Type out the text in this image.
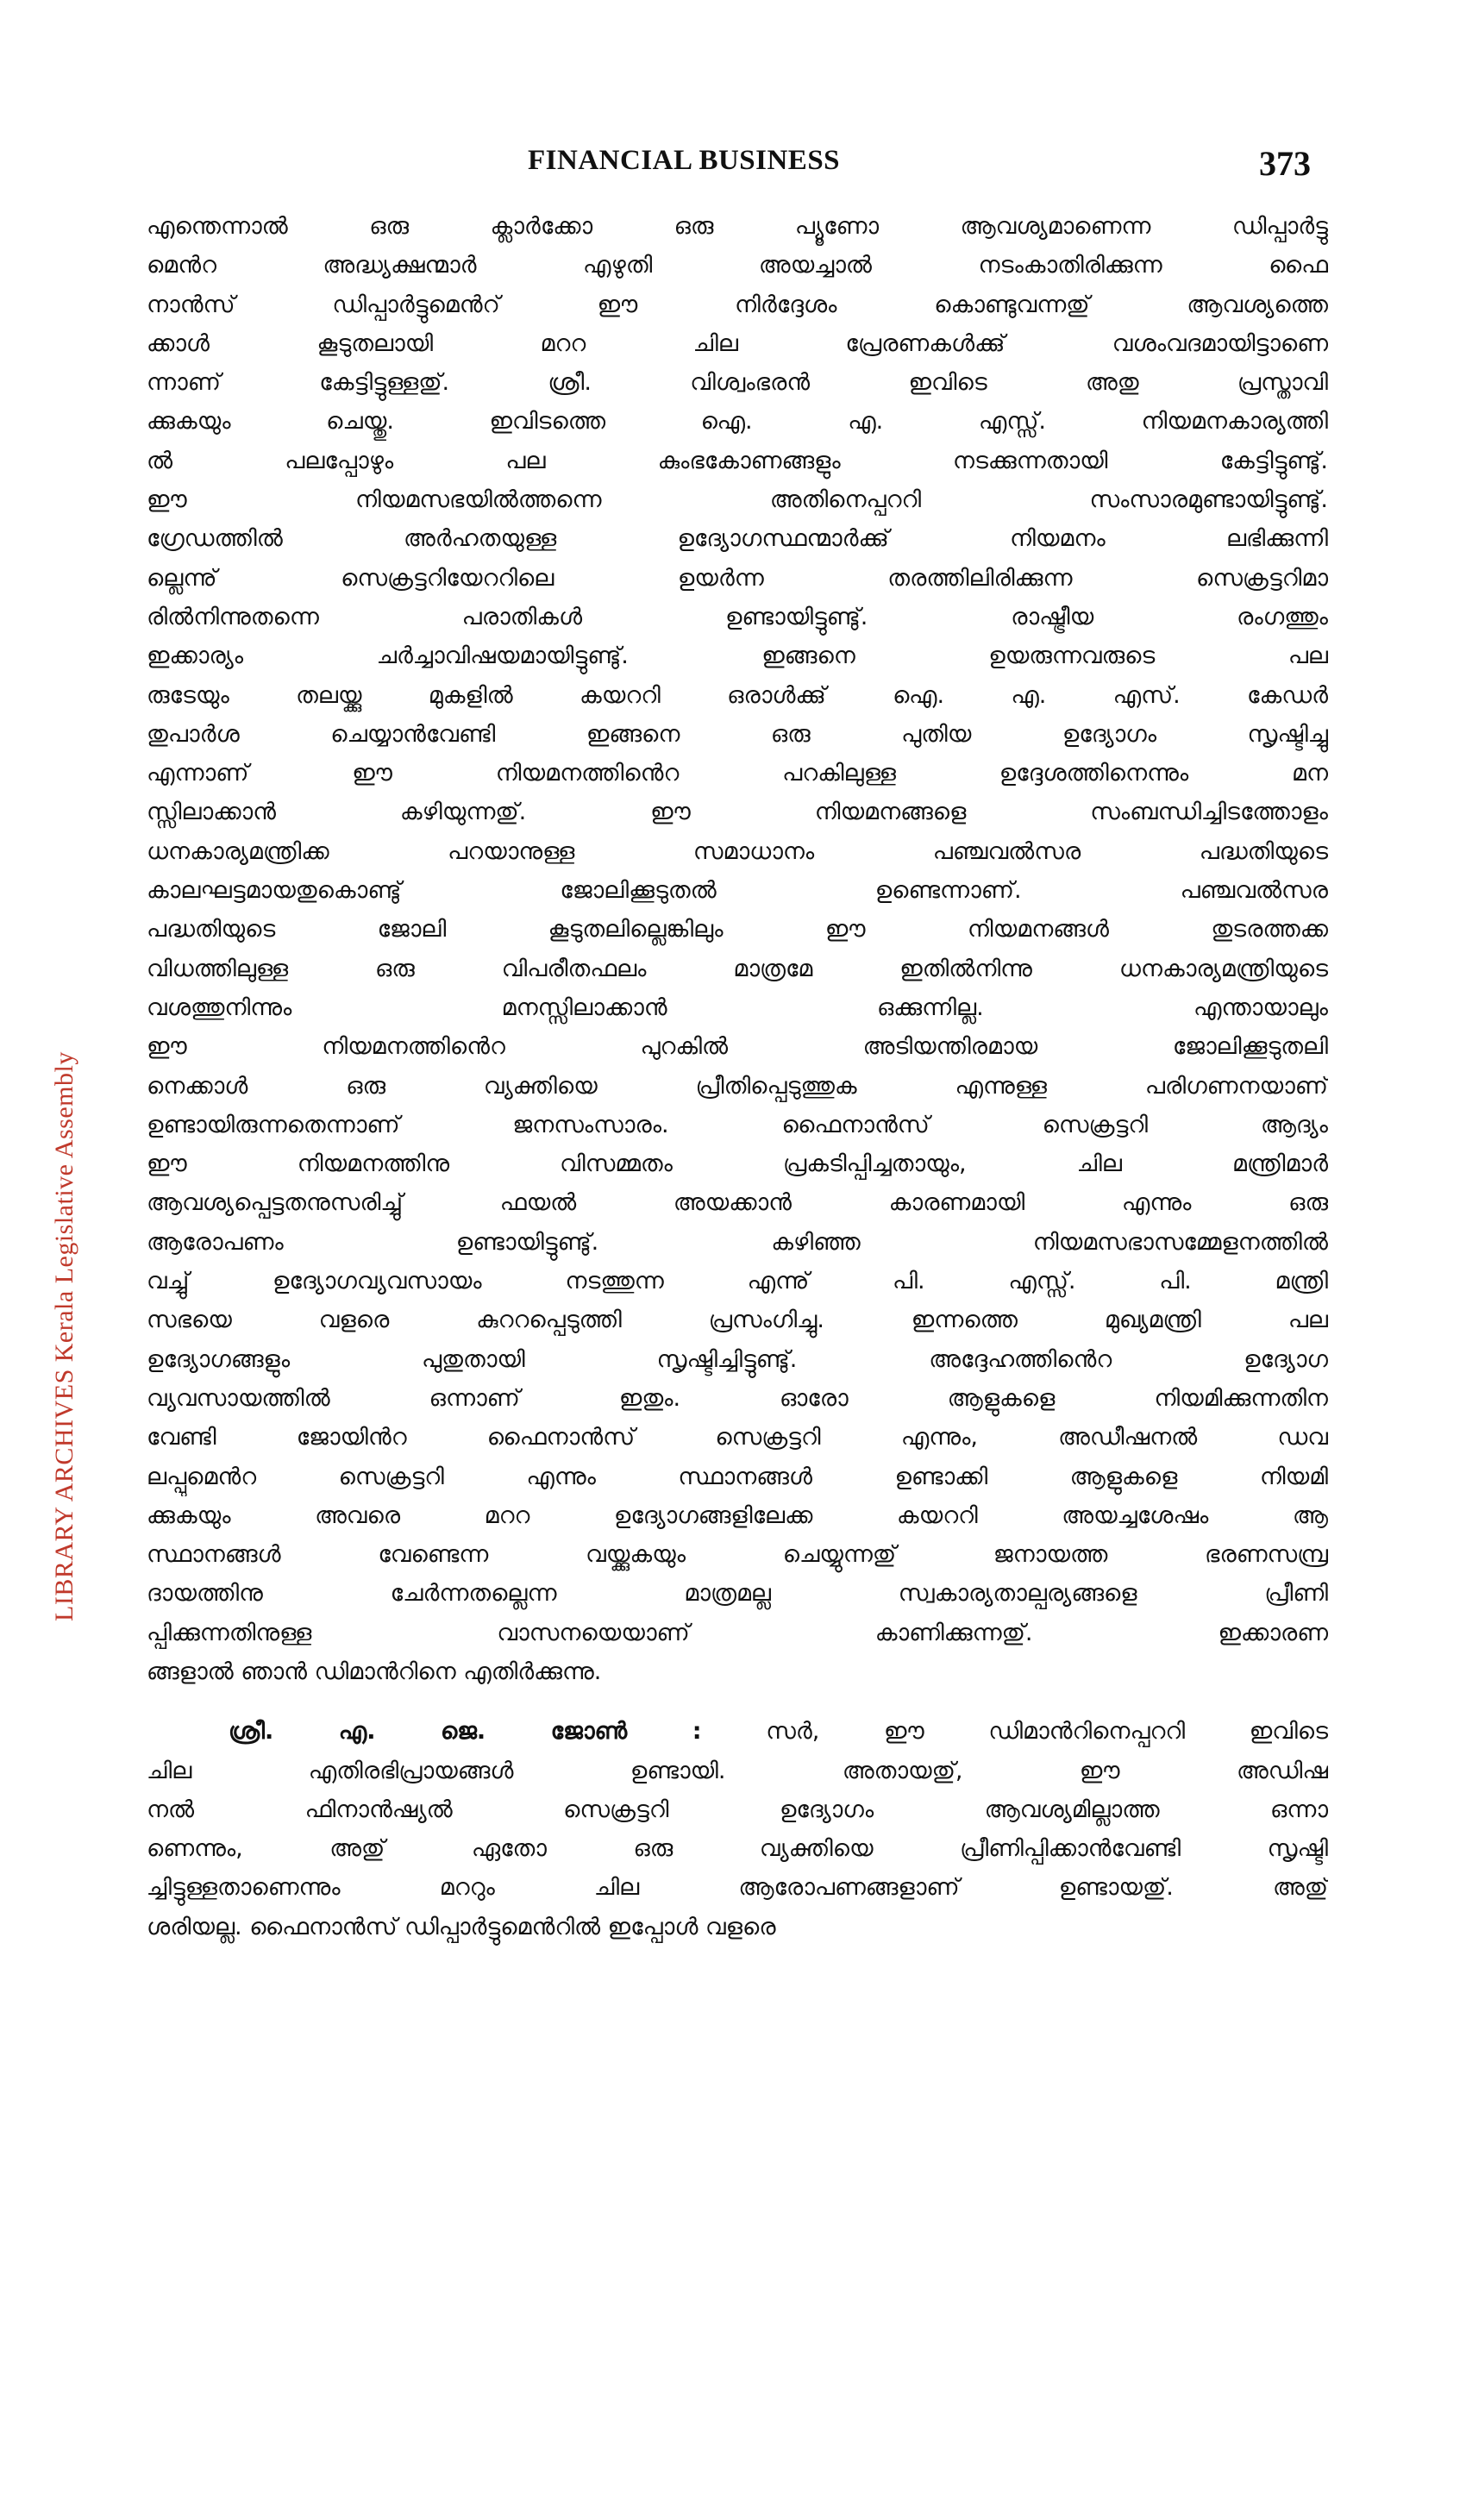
FINANCIAL BUSINESS	373
LIBRARY ARCHIVES Kerala Legislative Assembly
എന്തെന്നാൽ ഒരു ക്ലാർക്കോ ഒരു പ്യൂണോ ആവശ്യമാണെന്ന ഡിപ്പാർട്ടു
മെൻറ അദ്ധ്യക്ഷന്മാർ എഴുതി അയച്ചാൽ നടംകാതിരിക്കുന്ന ഫൈ
നാൻസ് ഡിപ്പാർട്ടുമെൻറ് ഈ നിർദ്ദേശം കൊണ്ടുവന്നതു് ആവശ്യത്തെ
ക്കാൾ കൂടുതലായി മററ ചില പ്രേരണകൾക്കു് വശംവദമായിട്ടാണെ
ന്നാണ് കേട്ടിട്ടുള്ളതു്. ശ്രീ. വിശ്വംഭരൻ ഇവിടെ അതു പ്രസ്താവി
ക്കുകയും ചെയ്തു. ഇവിടത്തെ ഐ. എ. എസ്സ്. നിയമനകാര്യത്തി
ൽ പലപ്പോഴും പല കുംഭകോണങ്ങളും നടക്കുന്നതായി കേട്ടിട്ടുണ്ടു്.
ഈ നിയമസഭയിൽത്തന്നെ അതിനെപ്പററി സംസാരമുണ്ടായിട്ടുണ്ടു്.
ഗ്രേഡത്തിൽ അർഹതയുള്ള ഉദ്യോഗസ്ഥന്മാർക്കു് നിയമനം ലഭിക്കുന്നി
ല്ലെന്നു് സെക്രട്ടറിയേററിലെ ഉയർന്ന തരത്തിലിരിക്കുന്ന സെക്രട്ടറിമാ
രിൽനിന്നുതന്നെ പരാതികൾ ഉണ്ടായിട്ടുണ്ടു്. രാഷ്ട്രീയ രംഗത്തും
ഇക്കാര്യം ചർച്ചാവിഷയമായിട്ടുണ്ടു്. ഇങ്ങനെ ഉയരുന്നവരുടെ പല
രുടേയും തലയ്ക്കു മുകളിൽ കയററി ഒരാൾക്കു് ഐ. എ. എസ്. കേഡർ
തുപാർശ ചെയ്യാൻവേണ്ടി ഇങ്ങനെ ഒരു പുതിയ ഉദ്യോഗം സൃഷ്ടിച്ചു
എന്നാണ് ഈ നിയമനത്തിൻെറ പറകിലുള്ള ഉദ്ദേശത്തിനെന്നും മന
സ്സിലാക്കാൻ കഴിയുന്നതു്. ഈ നിയമനങ്ങളെ സംബന്ധിച്ചിടത്തോളം
ധനകാര്യമന്ത്രിക്ക പറയാനുള്ള സമാധാനം പഞ്ചവൽസര പദ്ധതിയുടെ
കാലഘട്ടമായതുകൊണ്ടു് ജോലിക്കൂടുതൽ ഉണ്ടെന്നാണ്. പഞ്ചവൽസര
പദ്ധതിയുടെ ജോലി കൂടുതലില്ലെങ്കിലും ഈ നിയമനങ്ങൾ തുടരത്തക്ക
വിധത്തിലുള്ള ഒരു വിപരീതഫലം മാത്രമേ ഇതിൽനിന്നു ധനകാര്യമന്ത്രിയുടെ
വശത്തുനിന്നും മനസ്സിലാക്കാൻ ഒക്കുന്നില്ല. എന്തായാലും
ഈ നിയമനത്തിൻെറ പുറകിൽ അടിയന്തിരമായ ജോലിക്കൂടുതലി
നെക്കാൾ ഒരു വ്യക്തിയെ പ്രീതിപ്പെടുത്തുക എന്നുള്ള പരിഗണനയാണ്
ഉണ്ടായിരുന്നതെന്നാണ് ജനസംസാരം. ഫൈനാൻസ് സെക്രട്ടറി ആദ്യം
ഈ നിയമനത്തിനു വിസമ്മതം പ്രകടിപ്പിച്ചതായും, ചില മന്ത്രിമാർ
ആവശ്യപ്പെട്ടതനുസരിച്ചു് ഫയൽ അയക്കാൻ കാരണമായി എന്നും ഒരു
ആരോപണം ഉണ്ടായിട്ടുണ്ടു്. കഴിഞ്ഞ നിയമസഭാസമ്മേളനത്തിൽ
വച്ചു് ഉദ്യോഗവ്യവസായം നടത്തുന്ന എന്നു് പി. എസ്സ്. പി. മന്ത്രി
സഭയെ വളരെ കുററപ്പെടുത്തി പ്രസംഗിച്ചു. ഇന്നത്തെ മുഖ്യമന്ത്രി പല
ഉദ്യോഗങ്ങളും പുതുതായി സൃഷ്ടിച്ചിട്ടുണ്ടു്. അദ്ദേഹത്തിൻെറ ഉദ്യോഗ
വ്യവസായത്തിൽ ഒന്നാണ് ഇതും. ഓരോ ആളുകളെ നിയമിക്കുന്നതിന
വേണ്ടി ജോയിൻറ ഫൈനാൻസ് സെക്രട്ടറി എന്നും, അഡീഷനൽ ഡവ
ലപ്പുമെൻറ സെക്രട്ടറി എന്നും സ്ഥാനങ്ങൾ ഉണ്ടാക്കി ആളുകളെ നിയമി
ക്കുകയും അവരെ മററ ഉദ്യോഗങ്ങളിലേക്ക കയററി അയച്ചശേഷം ആ
സ്ഥാനങ്ങൾ വേണ്ടെന്ന വയ്ക്കുകയും ചെയ്യുന്നതു് ജനായത്ത ഭരണസമ്പ്ര
ദായത്തിനു ചേർന്നതല്ലെന്ന മാത്രമല്ല സ്വകാര്യതാല്പര്യങ്ങളെ പ്രീണി
പ്പിക്കുന്നതിനുള്ള വാസനയെയാണ് കാണിക്കുന്നതു്. ഇക്കാരണ
ങ്ങളാൽ ഞാൻ ഡിമാൻറിനെ എതിർക്കുന്നു.
ശ്രീ. എ. ജെ. ജോൺ :	സർ, ഈ ഡിമാൻറിനെപ്പററി ഇവിടെ
ചില എതിരഭിപ്രായങ്ങൾ ഉണ്ടായി. അതായതു്, ഈ അഡിഷ
നൽ ഫിനാൻഷ്യൽ സെക്രട്ടറി ഉദ്യോഗം ആവശ്യമില്ലാത്ത ഒന്നാ
ണെന്നും, അതു് ഏതോ ഒരു വ്യക്തിയെ പ്രീണിപ്പിക്കാൻവേണ്ടി സൃഷ്ടി
ച്ചിട്ടുള്ളതാണെന്നും മററും ചില ആരോപണങ്ങളാണ് ഉണ്ടായതു്. അതു്
ശരിയല്ല. ഫൈനാൻസ് ഡിപ്പാർട്ടുമെൻറിൽ ഇപ്പോൾ വളരെ
